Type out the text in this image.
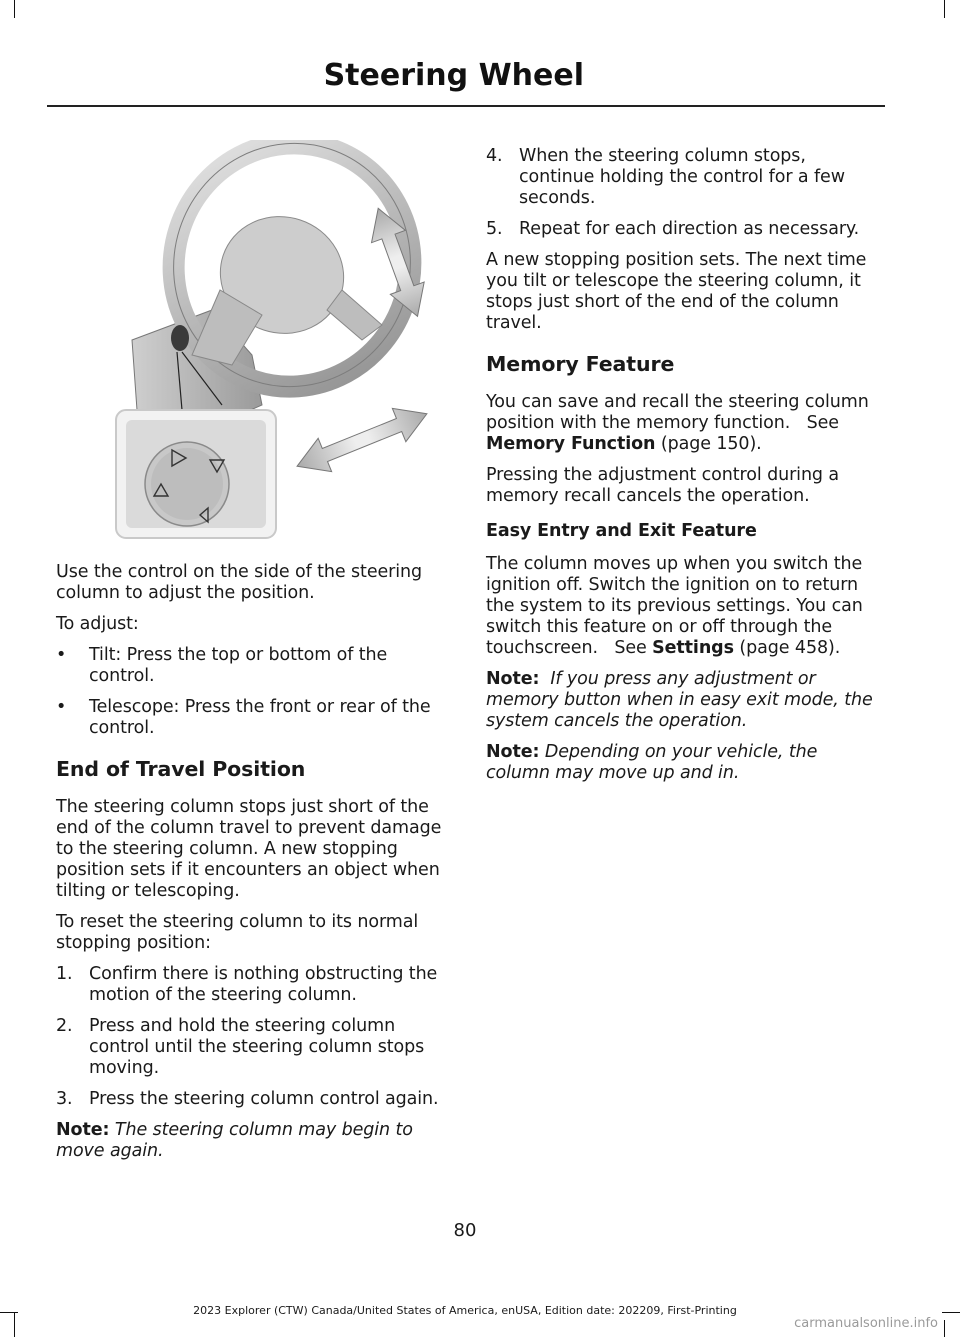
Steering Wheel

Use the control on the side of the steering column to adjust the position.

To adjust:

• Tilt: Press the top or bottom of the control.
• Telescope: Press the front or rear of the control.
End of Travel Position

The steering column stops just short of the end of the column travel to prevent damage to the steering column. A new stopping position sets if it encounters an object when tilting or telescoping.

To reset the steering column to its normal stopping position:

1. Confirm there is nothing obstructing the motion of the steering column.
2. Press and hold the steering column control until the steering column stops moving.
3. Press the steering column control again.

Note: The steering column may begin to move again.

4. When the steering column stops, continue holding the control for a few seconds.
5. Repeat for each direction as necessary.

A new stopping position sets. The next time you tilt or telescope the steering column, it stops just short of the end of the column travel.

Memory Feature

You can save and recall the steering column position with the memory function. See Memory Function (page 150).

Pressing the adjustment control during a memory recall cancels the operation.

Easy Entry and Exit Feature

The column moves up when you switch the ignition off. Switch the ignition on to return the system to its previous settings. You can switch this feature on or off through the touchscreen. See Settings (page 458).

Note: If you press any adjustment or memory button when in easy exit mode, the system cancels the operation.

Note: Depending on your vehicle, the column may move up and in.

80
2023 Explorer (CTW) Canada/United States of America, enUSA, Edition date: 202209, First-Printing
carmanualsonline.info
